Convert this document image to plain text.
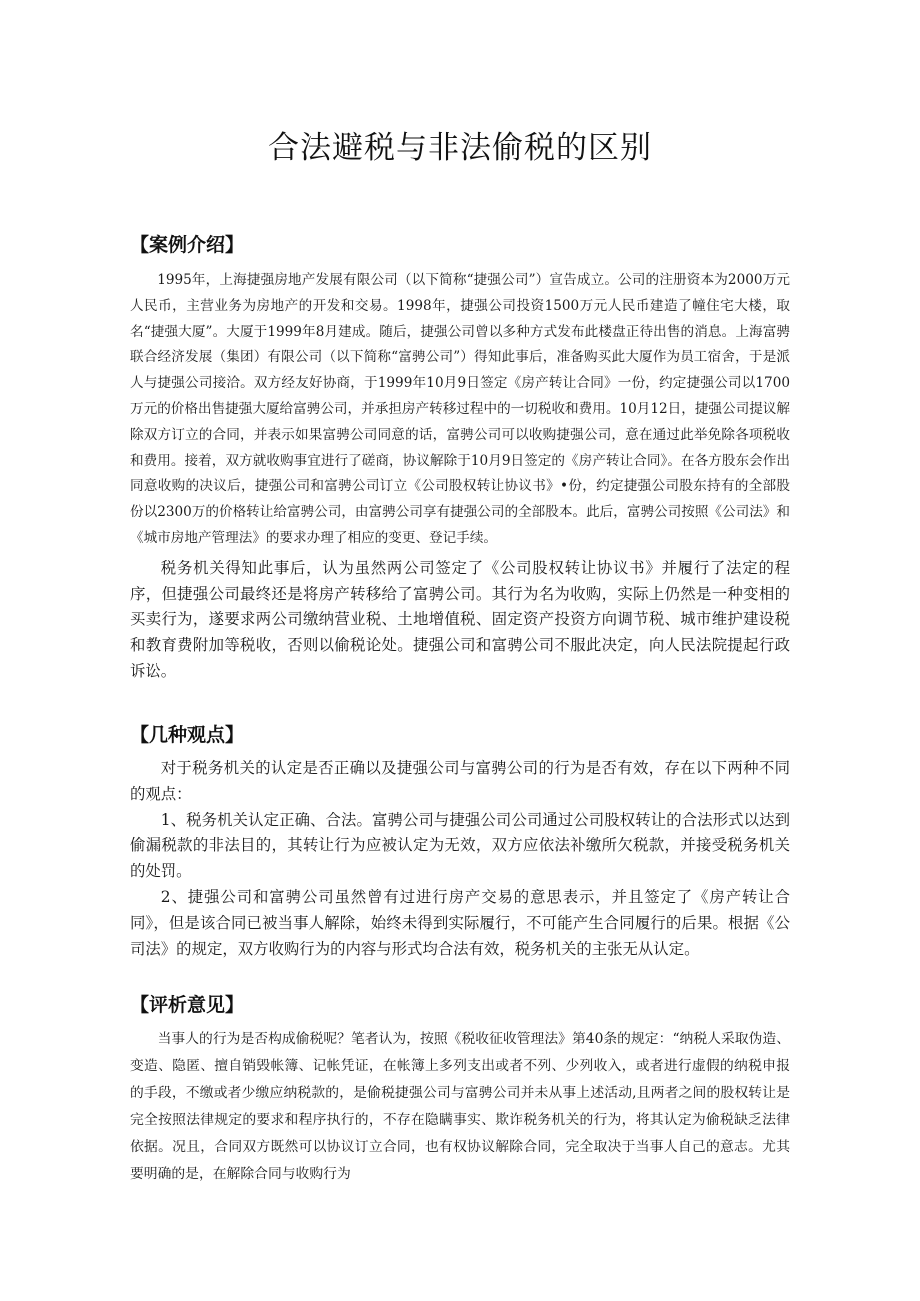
合法避税与非法偷税的区别
【案例介绍】

1995年，上海捷强房地产发展有限公司（以下简称“捷强公司”）宣告成立。公司的注册资本为2000万元人民币，主营业务为房地产的开发和交易。1998年，捷强公司投资1500万元人民币建造了幢住宅大楼，取名“捷强大厦”。大厦于1999年8月建成。随后，捷强公司曾以多种方式发布此楼盘正待出售的消息。上海富骋联合经济发展（集团）有限公司（以下简称“富骋公司”）得知此事后，准备购买此大厦作为员工宿舍，于是派人与捷强公司接洽。双方经友好协商，于1999年10月9日签定《房产转让合同》一份，约定捷强公司以1700万元的价格出售捷强大厦给富骋公司，并承担房产转移过程中的一切税收和费用。10月12日，捷强公司提议解除双方订立的合同，并表示如果富骋公司同意的话，富骋公司可以收购捷强公司，意在通过此举免除各项税收和费用。接着，双方就收购事宜进行了磋商，协议解除于10月9日签定的《房产转让合同》。在各方股东会作出同意收购的决议后，捷强公司和富骋公司订立《公司股权转让协议书》•份，约定捷强公司股东持有的全部股份以2300万的价格转让给富骋公司，由富骋公司享有捷强公司的全部股本。此后，富骋公司按照《公司法》和《城市房地产管理法》的要求办理了相应的变更、登记手续。

税务机关得知此事后，认为虽然两公司签定了《公司股权转让协议书》并履行了法定的程序，但捷强公司最终还是将房产转移给了富骋公司。其行为名为收购，实际上仍然是一种变相的买卖行为，遂要求两公司缴纳营业税、土地增值税、固定资产投资方向调节税、城市维护建设税和教育费附加等税收，否则以偷税论处。捷强公司和富骋公司不服此决定，向人民法院提起行政诉讼。

【几种观点】

对于税务机关的认定是否正确以及捷强公司与富骋公司的行为是否有效，存在以下两种不同的观点：

1、税务机关认定正确、合法。富骋公司与捷强公司公司通过公司股权转让的合法形式以达到偷漏税款的非法目的，其转让行为应被认定为无效，双方应依法补缴所欠税款，并接受税务机关的处罚。

2、捷强公司和富骋公司虽然曾有过进行房产交易的意思表示，并且签定了《房产转让合同》，但是该合同已被当事人解除，始终未得到实际履行，不可能产生合同履行的后果。根据《公司法》的规定，双方收购行为的内容与形式均合法有效，税务机关的主张无从认定。

【评析意见】

当事人的行为是否构成偷税呢？笔者认为，按照《税收征收管理法》第40条的规定：“纳税人采取伪造、变造、隐匿、擅自销毁帐簿、记帐凭证，在帐簿上多列支出或者不列、少列收入，或者进行虚假的纳税申报的手段，不缴或者少缴应纳税款的，是偷税捷强公司与富骋公司并未从事上述活动,且两者之间的股权转让是完全按照法律规定的要求和程序执行的，不存在隐瞒事实、欺诈税务机关的行为，将其认定为偷税缺乏法律依据。况且，合同双方既然可以协议订立合同，也有权协议解除合同，完全取决于当事人自己的意志。尤其要明确的是，在解除合同与收购行为
